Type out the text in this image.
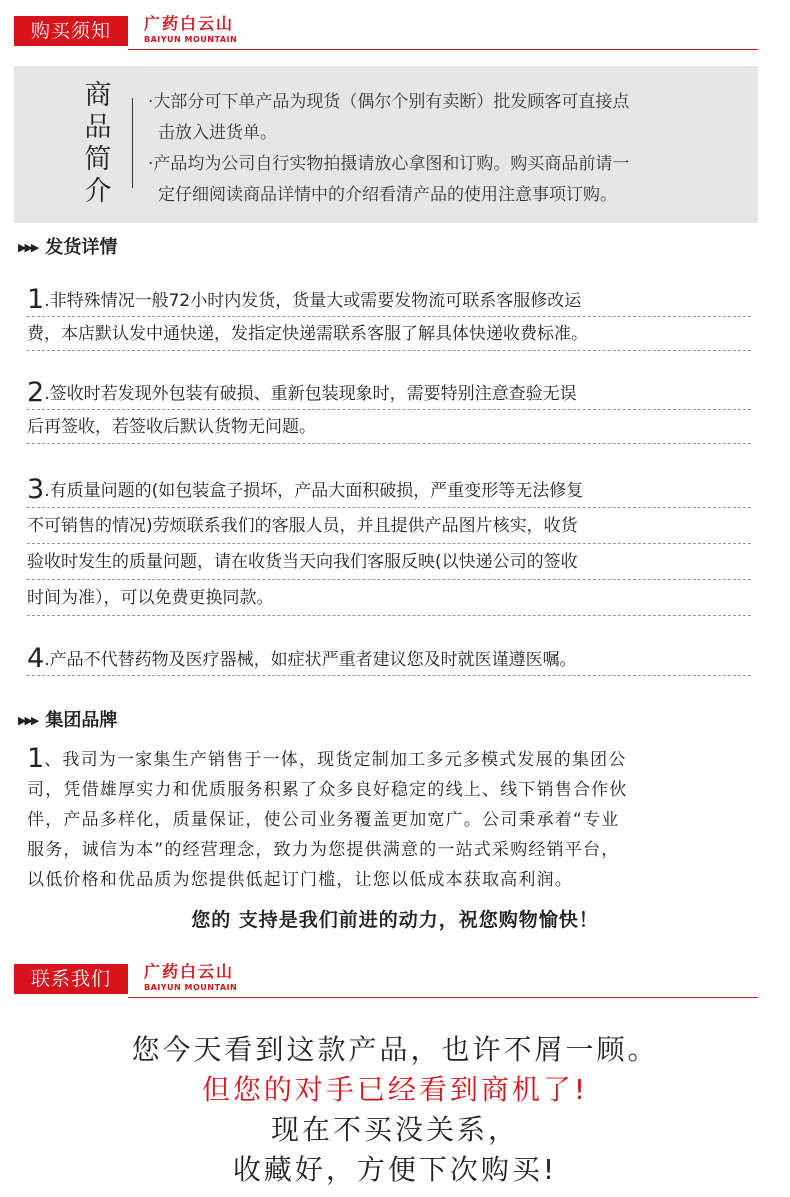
购买须知	广药白云山
BAIYUN MOUNTAIN
商
品
简
介

·大部分可下单产品为现货（偶尔个别有卖断）批发顾客可直接点

击放入进货单。

·产品均为公司自行实物拍摄请放心拿图和订购。购买商品前请一

定仔细阅读商品详情中的介绍看清产品的使用注意事项订购。

▶▶▶ 发货详情
1.非特殊情况一般72小时内发货，货量大或需要发物流可联系客服修改运
费，本店默认发中通快递，发指定快递需联系客服了解具体快递收费标准。
2.签收时若发现外包装有破损、重新包装现象时，需要特别注意查验无误
后再签收，若签收后默认货物无问题。
3.有质量问题的(如包装盒子损坏，产品大面积破损，严重变形等无法修复
不可销售的情况)劳烦联系我们的客服人员，并且提供产品图片核实，收货
验收时发生的质量问题，请在收货当天向我们客服反映(以快递公司的签收
时间为准），可以免费更换同款。
4.产品不代替药物及医疗器械，如症状严重者建议您及时就医谨遵医嘱。
▶▶▶ 集团品牌
1、我司为一家集生产销售于一体，现货定制加工多元多模式发展的集团公
司，凭借雄厚实力和优质服务积累了众多良好稳定的线上、线下销售合作伙
伴，产品多样化，质量保证，使公司业务覆盖更加宽广。公司秉承着“专业
服务，诚信为本”的经营理念，致力为您提供满意的一站式采购经销平台，
以低价格和优品质为您提供低起订门槛，让您以低成本获取高利润。
您的 支持是我们前进的动力，祝您购物愉快！
联系我们	广药白云山
BAIYUN MOUNTAIN
您今天看到这款产品，也许不屑一顾。
但您的对手已经看到商机了!
现在不买没关系，
收藏好，方便下次购买!
